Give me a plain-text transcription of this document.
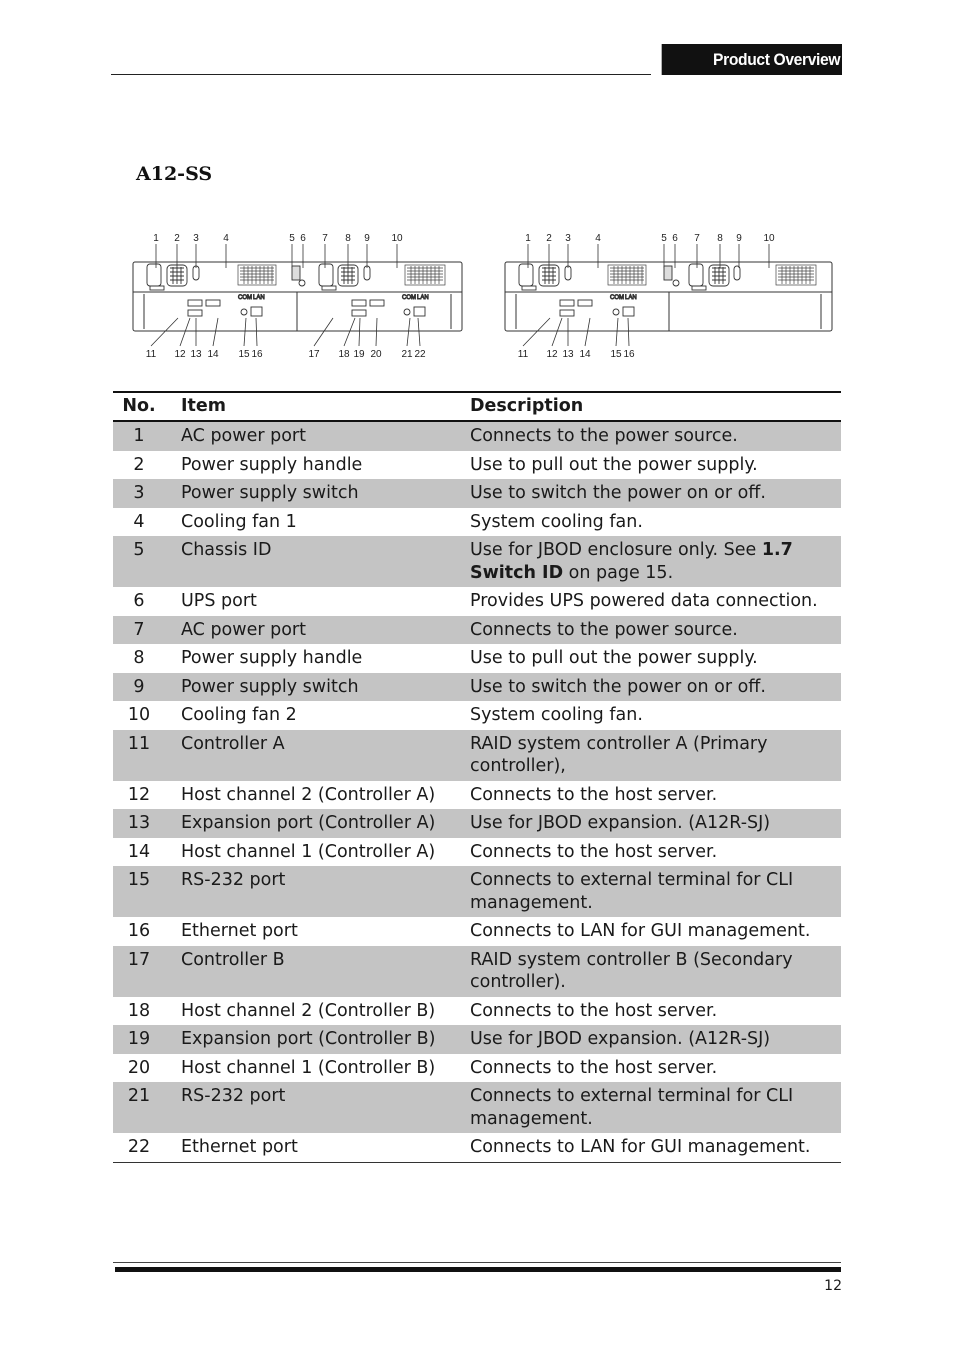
Product Overview
A12-SS
1 2 3 4	5 6 7 8 9 10
11 12 13 14 15 16	17 18 19 20 21 22
COM LAN	COM LAN
1 2 3 4	5 6 7 8 9 10
11 12 13 14 15 16
COM LAN
No.	Item	Description
1	AC power port	Connects to the power source.
2	Power supply handle	Use to pull out the power supply.
3	Power supply switch	Use to switch the power on or off.
4	Cooling fan 1	System cooling fan.
5	Chassis ID	Use for JBOD enclosure only. See 1.7 Switch ID on page 15.
6	UPS port	Provides UPS powered data connection.
7	AC power port	Connects to the power source.
8	Power supply handle	Use to pull out the power supply.
9	Power supply switch	Use to switch the power on or off.
10	Cooling fan 2	System cooling fan.
11	Controller A	RAID system controller A (Primary controller),
12	Host channel 2 (Controller A)	Connects to the host server.
13	Expansion port (Controller A)	Use for JBOD expansion. (A12R-SJ)
14	Host channel 1 (Controller A)	Connects to the host server.
15	RS-232 port	Connects to external terminal for CLI management.
16	Ethernet port	Connects to LAN for GUI management.
17	Controller B	RAID system controller B (Secondary controller).
18	Host channel 2 (Controller B)	Connects to the host server.
19	Expansion port (Controller B)	Use for JBOD expansion. (A12R-SJ)
20	Host channel 1 (Controller B)	Connects to the host server.
21	RS-232 port	Connects to external terminal for CLI management.
22	Ethernet port	Connects to LAN for GUI management.
12
